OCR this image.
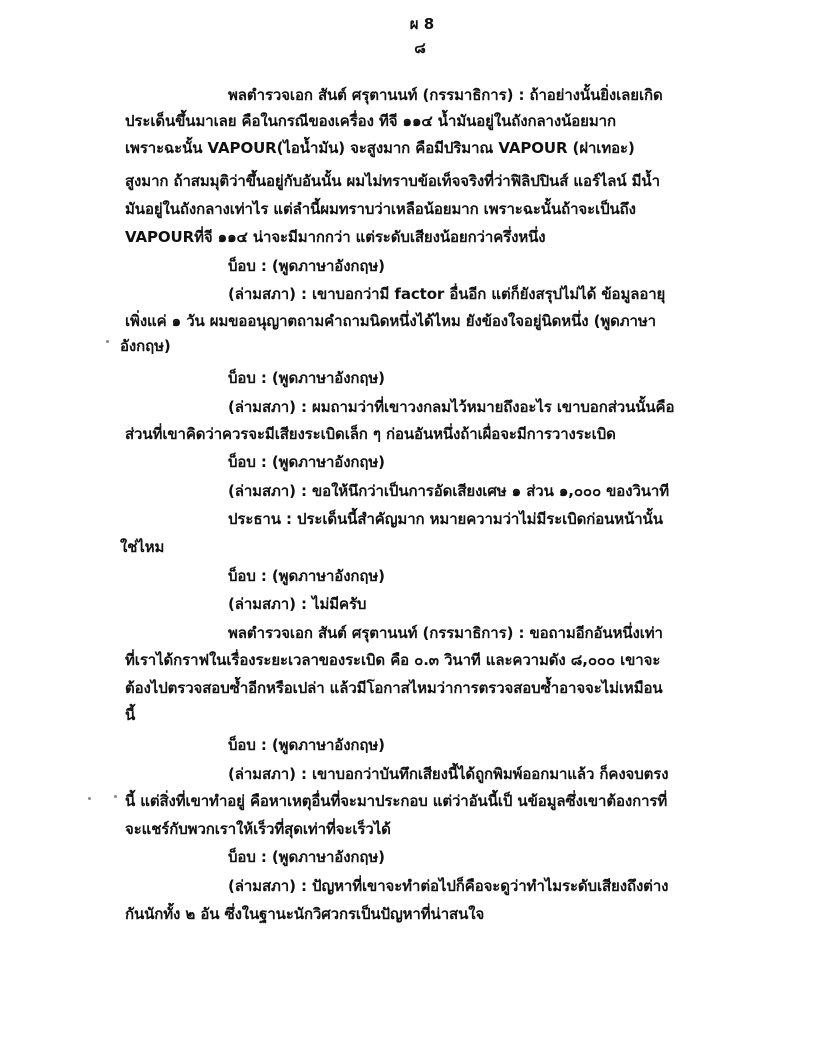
ผ 8
๘
พลตำรวจเอก สันต์ ศรุตานนท์ (กรรมาธิการ) : ถ้าอย่างนั้นยิ่งเลยเกิด
ประเด็นขึ้นมาเลย คือในกรณีของเครื่อง ทีจี ๑๑๔ น้ำมันอยู่ในถังกลางน้อยมาก
เพราะฉะนั้น VAPOUR(ไอน้ำมัน) จะสูงมาก คือมีปริมาณ VAPOUR (ฝาเทอะ)
สูงมาก ถ้าสมมุติว่าขึ้นอยู่กับอันนั้น ผมไม่ทราบข้อเท็จจริงที่ว่าฟิลิปปินส์ แอร์ไลน์ มีน้ำ
มันอยู่ในถังกลางเท่าไร แต่ลำนี้ผมทราบว่าเหลือน้อยมาก เพราะฉะนั้นถ้าจะเป็นถึง
VAPOURที่จี ๑๑๔ น่าจะมีมากกว่า แต่ระดับเสียงน้อยกว่าครึ่งหนึ่ง
บ็อบ : (พูดภาษาอังกฤษ)
(ล่ามสภา) : เขาบอกว่ามี factor อื่นอีก แต่ก็ยังสรุปไม่ได้ ข้อมูลอายุ
เพิ่งแค่ ๑ วัน ผมขออนุญาตถามคำถามนิดหนึ่งได้ไหม ยังข้องใจอยู่นิดหนึ่ง (พูดภาษา
อังกฤษ)
บ็อบ : (พูดภาษาอังกฤษ)
(ล่ามสภา) : ผมถามว่าที่เขาวงกลมไว้หมายถึงอะไร เขาบอกส่วนนั้นคือ
ส่วนที่เขาคิดว่าควรจะมีเสียงระเบิดเล็ก ๆ ก่อนอันหนึ่งถ้าเผื่อจะมีการวางระเบิด
บ็อบ : (พูดภาษาอังกฤษ)
(ล่ามสภา) : ขอให้นึกว่าเป็นการอัดเสียงเศษ ๑ ส่วน ๑,๐๐๐ ของวินาที
ประธาน : ประเด็นนี้สำคัญมาก หมายความว่าไม่มีระเบิดก่อนหน้านั้น
ใช่ไหม
บ็อบ : (พูดภาษาอังกฤษ)
(ล่ามสภา) : ไม่มีครับ
พลตำรวจเอก สันต์ ศรุตานนท์ (กรรมาธิการ) : ขอถามอีกอันหนึ่งเท่า
ที่เราได้กราฟในเรื่องระยะเวลาของระเบิด คือ ๐.๓ วินาที และความดัง ๘,๐๐๐ เขาจะ
ต้องไปตรวจสอบซ้ำอีกหรือเปล่า แล้วมีโอกาสไหมว่าการตรวจสอบซ้ำอาจจะไม่เหมือน
นี้
บ็อบ : (พูดภาษาอังกฤษ)
(ล่ามสภา) : เขาบอกว่าบันทึกเสียงนี้ได้ถูกพิมพ์ออกมาแล้ว ก็คงจบตรง
นี้ แต่สิ่งที่เขาทำอยู่ คือหาเหตุอื่นที่จะมาประกอบ แต่ว่าอันนี้เป็ นข้อมูลซึ่งเขาต้องการที่
จะแชร์กับพวกเราให้เร็วที่สุดเท่าที่จะเร็วได้
บ็อบ : (พูดภาษาอังกฤษ)
(ล่ามสภา) : ปัญหาที่เขาจะทำต่อไปก็คือจะดูว่าทำไมระดับเสียงถึงต่าง
กันนักทั้ง ๒ อัน ซึ่งในฐานะนักวิศวกรเป็นปัญหาที่น่าสนใจ
